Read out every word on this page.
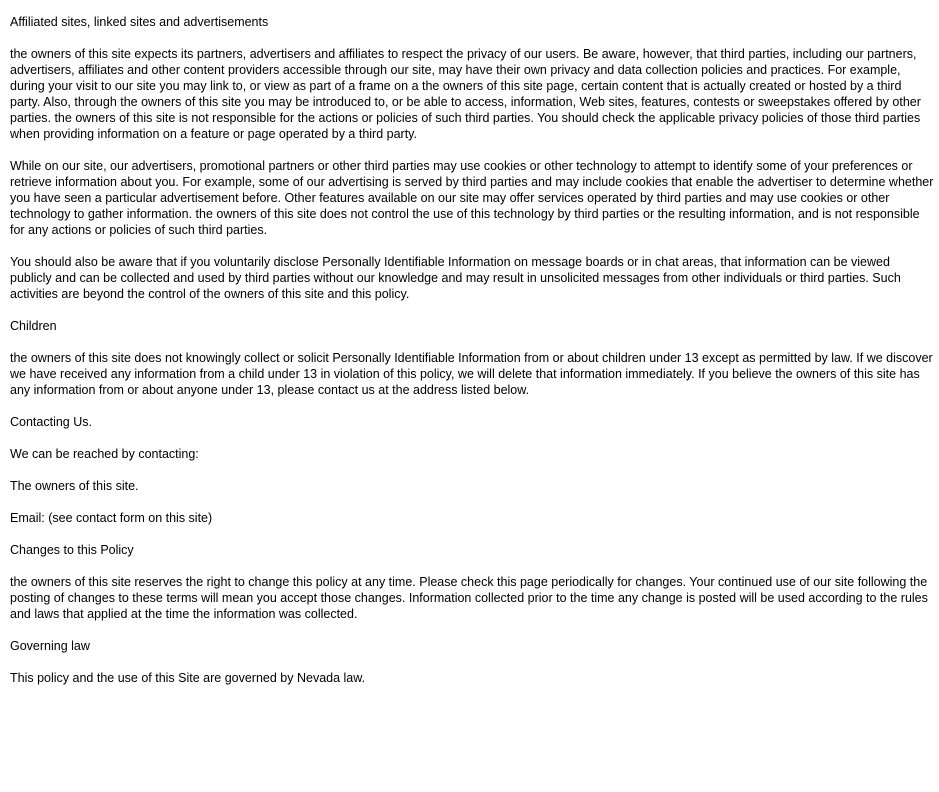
Affiliated sites, linked sites and advertisements
the owners of this site expects its partners, advertisers and affiliates to respect the privacy of our users. Be aware, however, that third parties, including our partners, advertisers, affiliates and other content providers accessible through our site, may have their own privacy and data collection policies and practices. For example, during your visit to our site you may link to, or view as part of a frame on a the owners of this site page, certain content that is actually created or hosted by a third party. Also, through the owners of this site you may be introduced to, or be able to access, information, Web sites, features, contests or sweepstakes offered by other parties. the owners of this site is not responsible for the actions or policies of such third parties. You should check the applicable privacy policies of those third parties when providing information on a feature or page operated by a third party.
While on our site, our advertisers, promotional partners or other third parties may use cookies or other technology to attempt to identify some of your preferences or retrieve information about you. For example, some of our advertising is served by third parties and may include cookies that enable the advertiser to determine whether you have seen a particular advertisement before. Other features available on our site may offer services operated by third parties and may use cookies or other technology to gather information. the owners of this site does not control the use of this technology by third parties or the resulting information, and is not responsible for any actions or policies of such third parties.
You should also be aware that if you voluntarily disclose Personally Identifiable Information on message boards or in chat areas, that information can be viewed publicly and can be collected and used by third parties without our knowledge and may result in unsolicited messages from other individuals or third parties. Such activities are beyond the control of the owners of this site and this policy.
Children
the owners of this site does not knowingly collect or solicit Personally Identifiable Information from or about children under 13 except as permitted by law. If we discover we have received any information from a child under 13 in violation of this policy, we will delete that information immediately. If you believe the owners of this site has any information from or about anyone under 13, please contact us at the address listed below.
Contacting Us.
We can be reached by contacting:
The owners of this site.
Email: (see contact form on this site)
Changes to this Policy
the owners of this site reserves the right to change this policy at any time. Please check this page periodically for changes. Your continued use of our site following the posting of changes to these terms will mean you accept those changes. Information collected prior to the time any change is posted will be used according to the rules and laws that applied at the time the information was collected.
Governing law
This policy and the use of this Site are governed by Nevada law.
